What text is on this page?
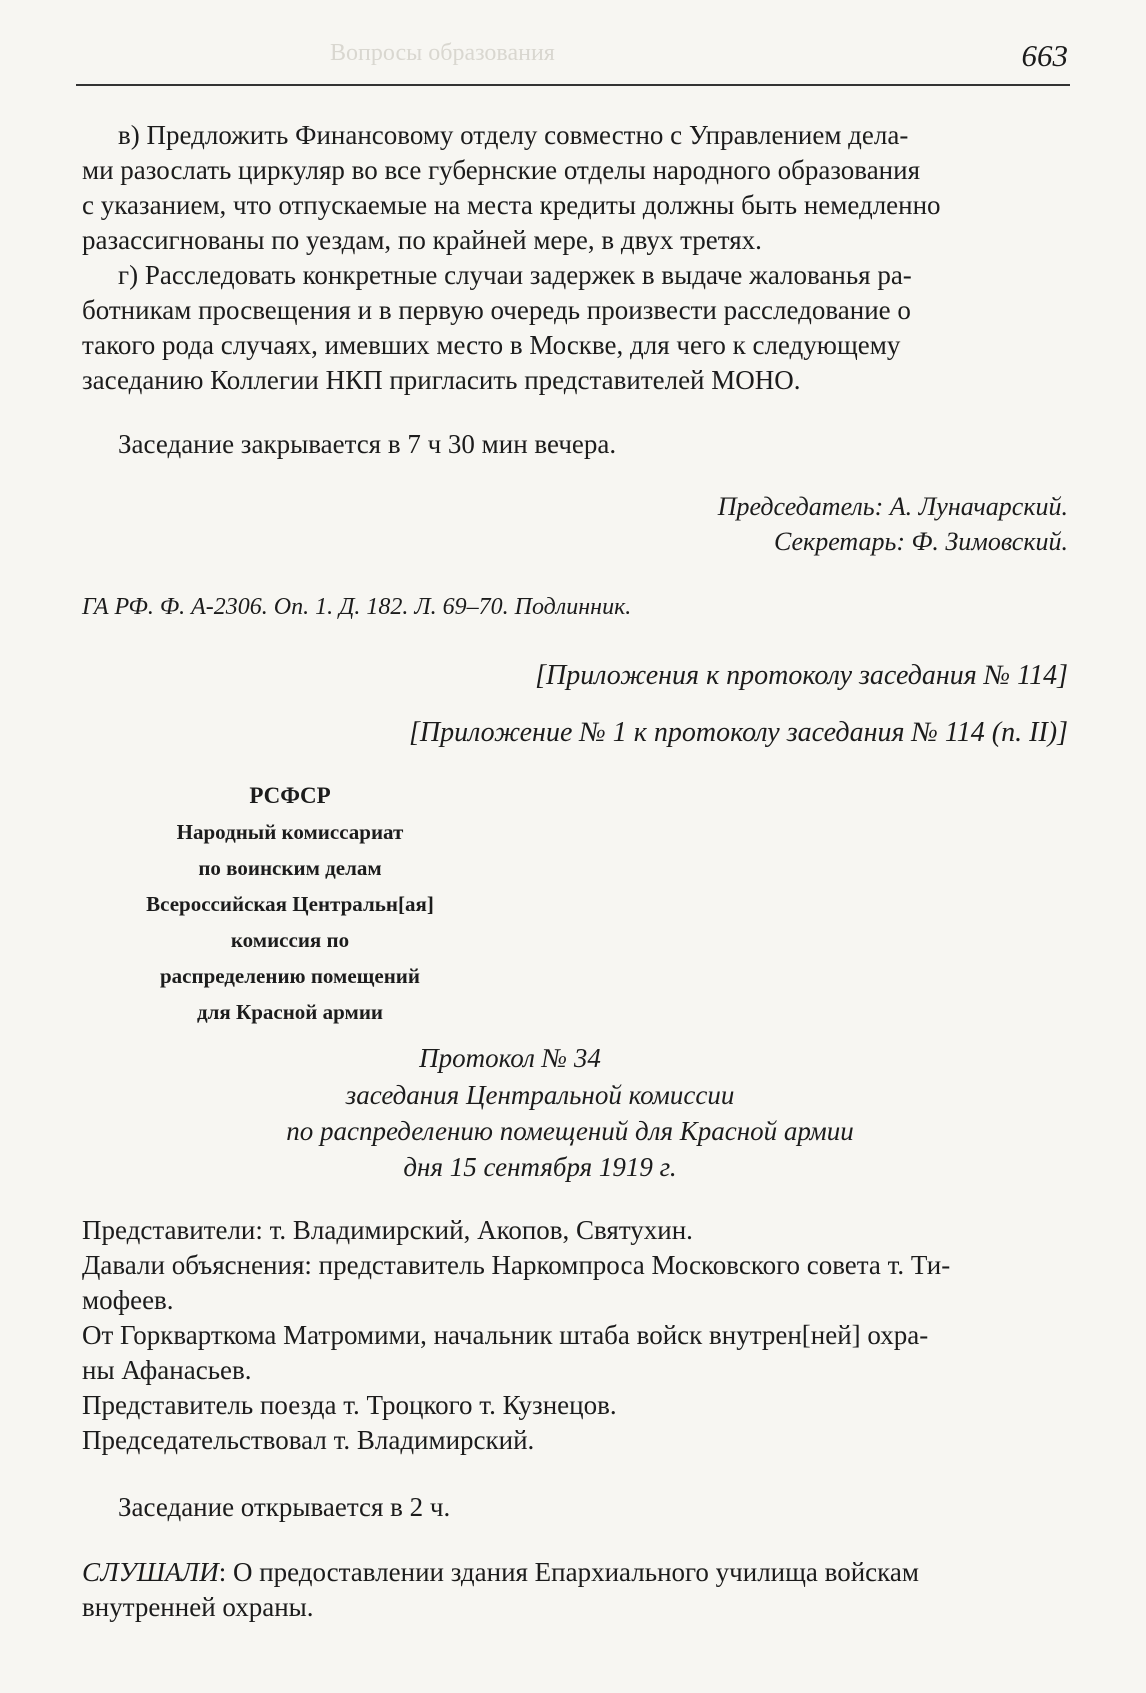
Вопросы образования	663
в) Предложить Финансовому отделу совместно с Управлением дела-
ми разослать циркуляр во все губернские отделы народного образования
с указанием, что отпускаемые на места кредиты должны быть немедленно
разассигнованы по уездам, по крайней мере, в двух третях.
г) Расследовать конкретные случаи задержек в выдаче жалованья ра-
ботникам просвещения и в первую очередь произвести расследование о
такого рода случаях, имевших место в Москве, для чего к следующему
заседанию Коллегии НКП пригласить представителей МОНО.
Заседание закрывается в 7 ч 30 мин вечера.
Председатель: А. Луначарский.
Секретарь: Ф. Зимовский.
ГА РФ. Ф. А-2306. Оп. 1. Д. 182. Л. 69–70. Подлинник.
[Приложения к протоколу заседания № 114]
[Приложение № 1 к протоколу заседания № 114 (п. II)]
РСФСР
Народный комиссариат
по воинским делам
Всероссийская Центральн[ая]
комиссия по
распределению помещений
для Красной армии
Протокол № 34
заседания Центральной комиссии
по распределению помещений для Красной армии
дня 15 сентября 1919 г.
Представители: т. Владимирский, Акопов, Святухин.
Давали объяснения: представитель Наркомпроса Московского совета т. Ти-
мофеев.
От Горкварткома Матромими, начальник штаба войск внутрен[ней] охра-
ны Афанасьев.
Представитель поезда т. Троцкого т. Кузнецов.
Председательствовал т. Владимирский.
Заседание открывается в 2 ч.
СЛУШАЛИ: О предоставлении здания Епархиального училища войскам
внутренней охраны.
